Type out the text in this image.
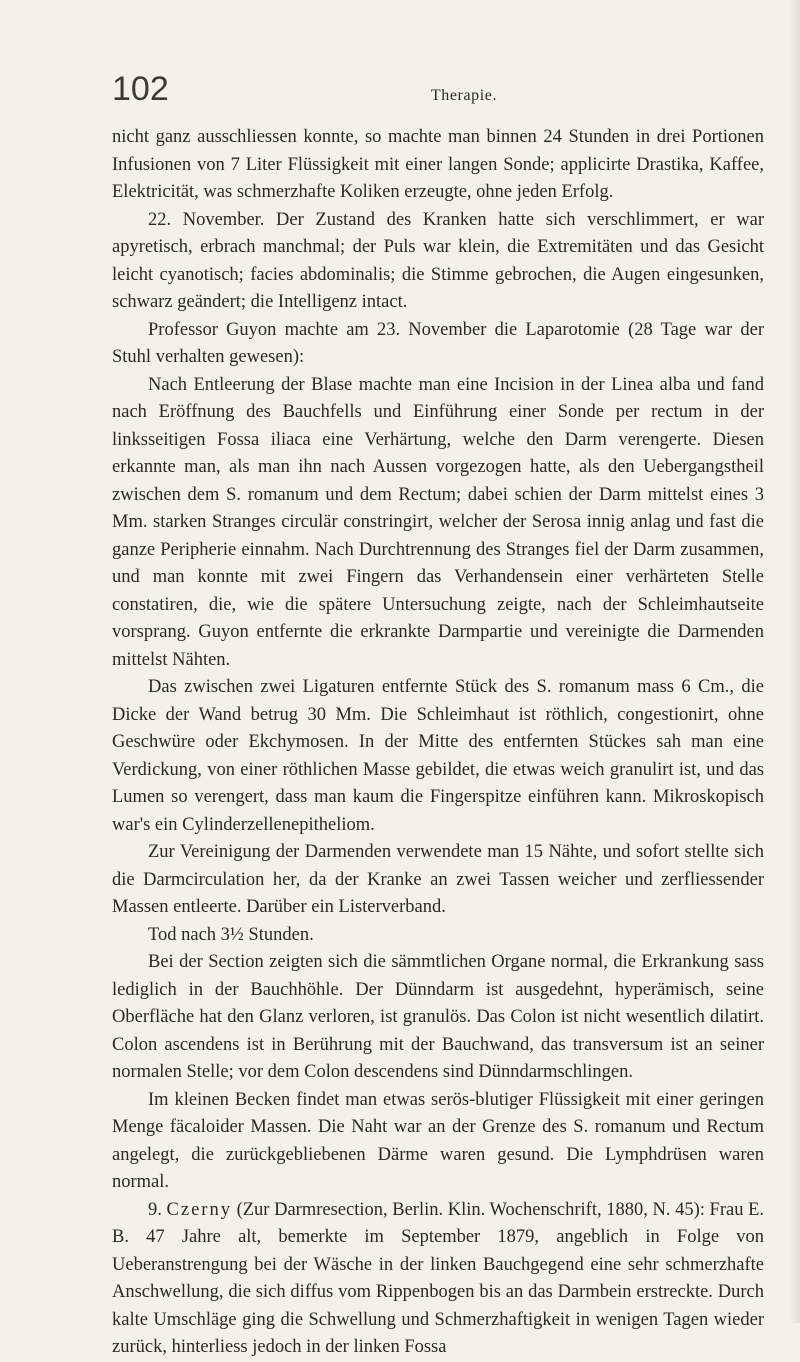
102	Therapie.

nicht ganz ausschliessen konnte, so machte man binnen 24 Stunden in drei Portionen Infusionen von 7 Liter Flüssigkeit mit einer langen Sonde; applicirte Drastika, Kaffee, Elektricität, was schmerzhafte Koliken erzeugte, ohne jeden Erfolg.

22. November. Der Zustand des Kranken hatte sich verschlimmert, er war apyretisch, erbrach manchmal; der Puls war klein, die Extremitäten und das Gesicht leicht cyanotisch; facies abdominalis; die Stimme gebrochen, die Augen eingesunken, schwarz geändert; die Intelligenz intact.

Professor Guyon machte am 23. November die Laparotomie (28 Tage war der Stuhl verhalten gewesen):

Nach Entleerung der Blase machte man eine Incision in der Linea alba und fand nach Eröffnung des Bauchfells und Einführung einer Sonde per rectum in der linksseitigen Fossa iliaca eine Verhärtung, welche den Darm verengerte. Diesen erkannte man, als man ihn nach Aussen vorgezogen hatte, als den Uebergangstheil zwischen dem S. romanum und dem Rectum; dabei schien der Darm mittelst eines 3 Mm. starken Stranges circulär constringirt, welcher der Serosa innig anlag und fast die ganze Peripherie einnahm. Nach Durchtrennung des Stranges fiel der Darm zusammen, und man konnte mit zwei Fingern das Verhandensein einer verhärteten Stelle constatiren, die, wie die spätere Untersuchung zeigte, nach der Schleimhautseite vorsprang. Guyon entfernte die erkrankte Darmpartie und vereinigte die Darmenden mittelst Nähten.

Das zwischen zwei Ligaturen entfernte Stück des S. romanum mass 6 Cm., die Dicke der Wand betrug 30 Mm. Die Schleimhaut ist röthlich, congestionirt, ohne Geschwüre oder Ekchymosen. In der Mitte des entfernten Stückes sah man eine Verdickung, von einer röthlichen Masse gebildet, die etwas weich granulirt ist, und das Lumen so verengert, dass man kaum die Fingerspitze einführen kann. Mikroskopisch war's ein Cylinderzellenepitheliom.

Zur Vereinigung der Darmenden verwendete man 15 Nähte, und sofort stellte sich die Darmcirculation her, da der Kranke an zwei Tassen weicher und zerfliessender Massen entleerte. Darüber ein Listerverband.

Tod nach 3½ Stunden.

Bei der Section zeigten sich die sämmtlichen Organe normal, die Erkrankung sass lediglich in der Bauchhöhle. Der Dünndarm ist ausgedehnt, hyperämisch, seine Oberfläche hat den Glanz verloren, ist granulös. Das Colon ist nicht wesentlich dilatirt. Colon ascendens ist in Berührung mit der Bauchwand, das transversum ist an seiner normalen Stelle; vor dem Colon descendens sind Dünndarmschlingen.

Im kleinen Becken findet man etwas serös-blutiger Flüssigkeit mit einer geringen Menge fäcaloider Massen. Die Naht war an der Grenze des S. romanum und Rectum angelegt, die zurückgebliebenen Därme waren gesund. Die Lymphdrüsen waren normal.

9. Czerny (Zur Darmresection, Berlin. Klin. Wochenschrift, 1880, N. 45): Frau E. B. 47 Jahre alt, bemerkte im September 1879, angeblich in Folge von Ueberanstrengung bei der Wäsche in der linken Bauchgegend eine sehr schmerzhafte Anschwellung, die sich diffus vom Rippenbogen bis an das Darmbein erstreckte. Durch kalte Umschläge ging die Schwellung und Schmerzhaftigkeit in wenigen Tagen wieder zurück, hinterliess jedoch in der linken Fossa
